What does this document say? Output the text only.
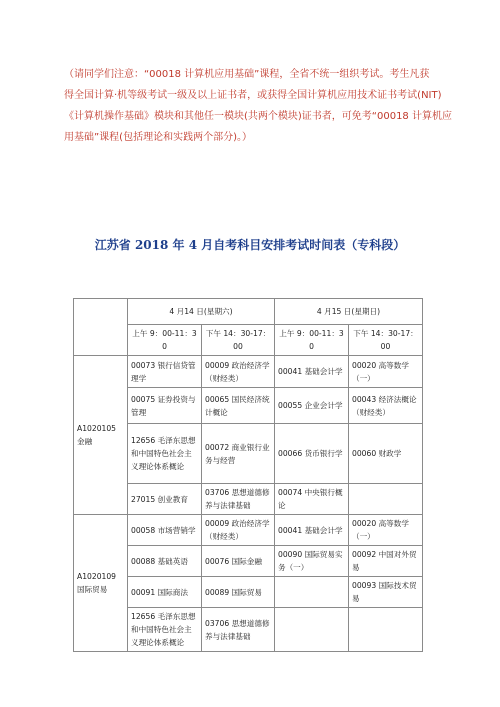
（请同学们注意：“00018 计算机应用基础”课程，全省不统一组织考试。考生凡获
得全国计算·机等级考试一级及以上证书者，或获得全国计算机应用技术证书考试(NIT)
《计算机操作基础》模块和其他任一模块(共两个模块)证书者，可免考“00018 计算机应
用基础”课程(包括理论和实践两个部分)。）
江苏省 2018 年 4 月自考科目安排考试时间表（专科段）
	4 月14 日(星期六)		4 月15 日(星期日)	
	上午 9：00-11：30	下午 14：30-17：00	上午 9：00-11：30	下午 14：30-17：00

A1020105
金融	00073 银行信贷管理学	00009 政治经济学（财经类）	00041 基础会计学	00020 高等数学（一）
	00075 证券投资与管理	00065 国民经济统计概论	00055 企业会计学	00043 经济法概论（财经类）
	12656 毛泽东思想和中国特色社会主义理论体系概论	00072 商业银行业务与经营	00066 货币银行学	00060 财政学
	27015 创业教育	03706 思想道德修养与法律基础	00074 中央银行概论	

A1020109
国际贸易	00058 市场营销学	00009 政治经济学（财经类）	00041 基础会计学	00020 高等数学（一）
	00088 基础英语	00076 国际金融	00090 国际贸易实务（一）	00092 中国对外贸易
	00091 国际商法	00089 国际贸易		00093 国际技术贸易
	12656 毛泽东思想和中国特色社会主义理论体系概论	03706 思想道德修养与法律基础		
